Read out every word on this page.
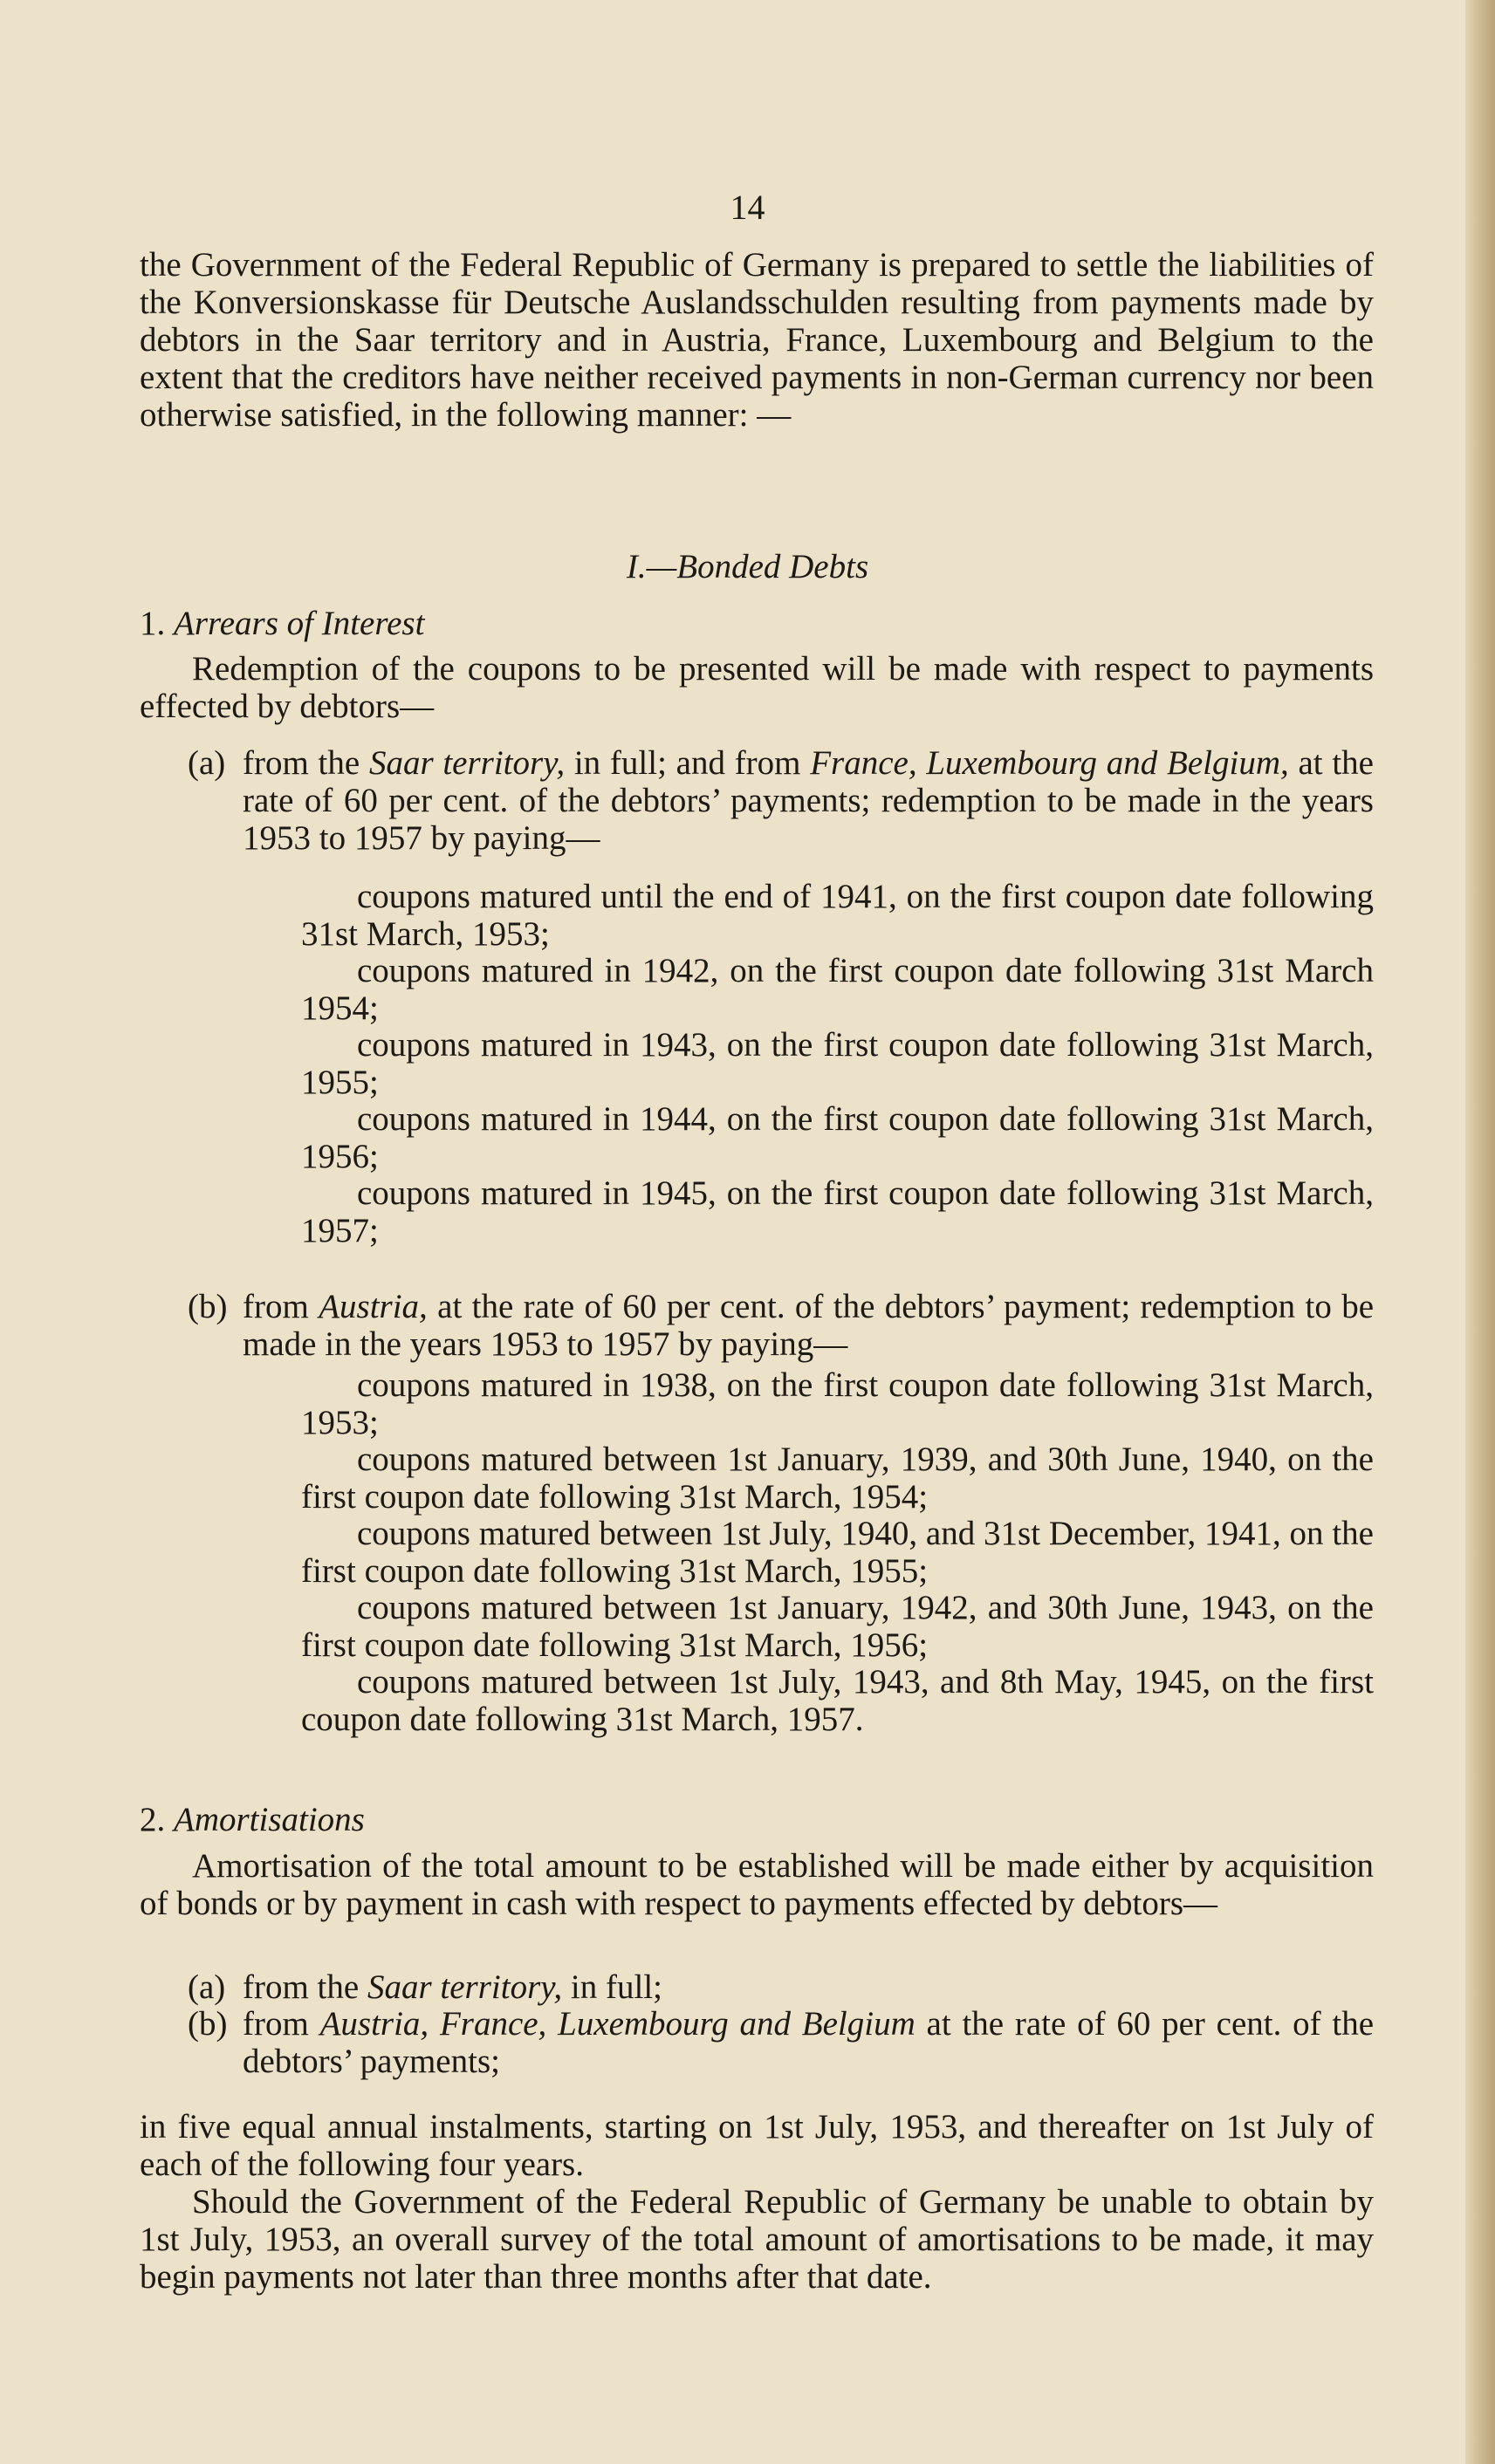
14

the Government of the Federal Republic of Germany is prepared to settle the liabilities of the Konversionskasse für Deutsche Auslandsschulden resulting from payments made by debtors in the Saar territory and in Austria, France, Luxembourg and Belgium to the extent that the creditors have neither received payments in non-German currency nor been otherwise satisfied, in the following manner: —

I.—Bonded Debts
1. Arrears of Interest

Redemption of the coupons to be presented will be made with respect to payments effected by debtors—

(a) from the Saar territory, in full; and from France, Luxembourg and Belgium, at the rate of 60 per cent. of the debtors’ payments; redemption to be made in the years 1953 to 1957 by paying—

coupons matured until the end of 1941, on the first coupon date following 31st March, 1953;

coupons matured in 1942, on the first coupon date following 31st March 1954;

coupons matured in 1943, on the first coupon date following 31st March, 1955;

coupons matured in 1944, on the first coupon date following 31st March, 1956;

coupons matured in 1945, on the first coupon date following 31st March, 1957;

(b) from Austria, at the rate of 60 per cent. of the debtors’ payment; redemption to be made in the years 1953 to 1957 by paying—

coupons matured in 1938, on the first coupon date following 31st March, 1953;

coupons matured between 1st January, 1939, and 30th June, 1940, on the first coupon date following 31st March, 1954;

coupons matured between 1st July, 1940, and 31st December, 1941, on the first coupon date following 31st March, 1955;

coupons matured between 1st January, 1942, and 30th June, 1943, on the first coupon date following 31st March, 1956;

coupons matured between 1st July, 1943, and 8th May, 1945, on the first coupon date following 31st March, 1957.

2. Amortisations

Amortisation of the total amount to be established will be made either by acquisition of bonds or by payment in cash with respect to payments effected by debtors—

(a) from the Saar territory, in full;

(b) from Austria, France, Luxembourg and Belgium at the rate of 60 per cent. of the debtors’ payments;

in five equal annual instalments, starting on 1st July, 1953, and thereafter on 1st July of each of the following four years.

Should the Government of the Federal Republic of Germany be unable to obtain by 1st July, 1953, an overall survey of the total amount of amortisations to be made, it may begin payments not later than three months after that date.
